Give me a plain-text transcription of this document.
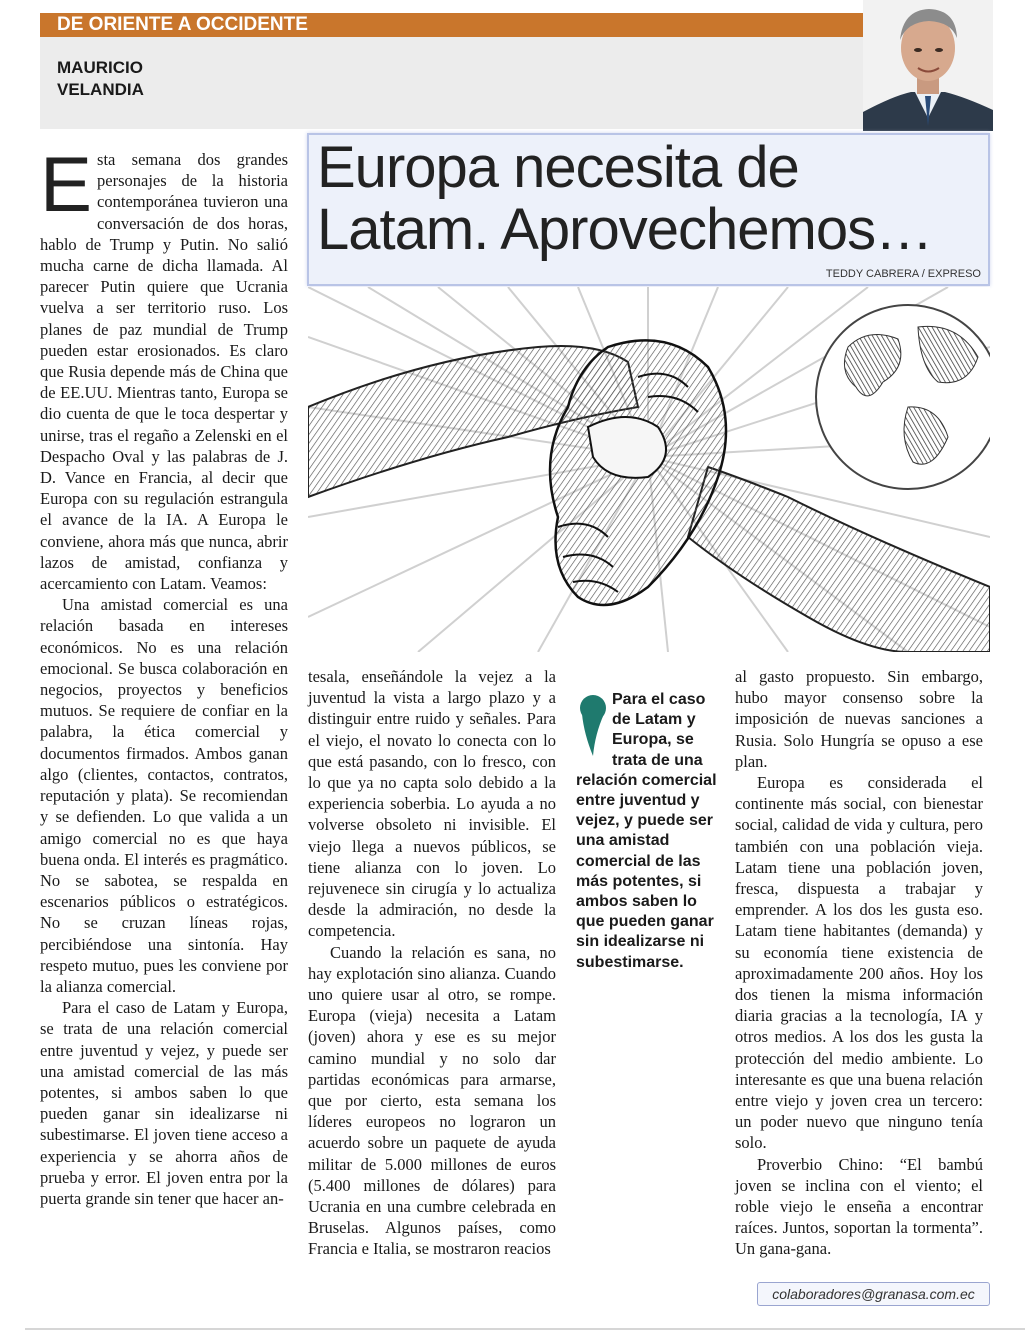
DE ORIENTE A OCCIDENTE

MAURICIO
VELANDIA

Europa necesita de
Latam. Aprovechemos…
TEDDY CABRERA / EXPRESO

Esta semana dos grandes personajes de la historia contemporánea tuvieron una conversación de dos horas, hablo de Trump y Putin. No salió mucha carne de dicha llamada. Al parecer Putin quiere que Ucrania vuelva a ser territorio ruso. Los planes de paz mundial de Trump pueden estar erosionados. Es claro que Rusia depende más de China que de EE.UU. Mientras tanto, Europa se dio cuenta de que le toca despertar y unirse, tras el regaño a Zelenski en el Despacho Oval y las palabras de J. D. Vance en Francia, al decir que Europa con su regulación estrangula el avance de la IA. A Europa le conviene, ahora más que nunca, abrir lazos de amistad, confianza y acercamiento con Latam. Veamos:

Una amistad comercial es una relación basada en intereses económicos. No es una relación emocional. Se busca colaboración en negocios, proyectos y beneficios mutuos. Se requiere de confiar en la palabra, la ética comercial y documentos firmados. Ambos ganan algo (clientes, contactos, contratos, reputación y plata). Se recomiendan y se defienden. Lo que valida a un amigo comercial no es que haya buena onda. El interés es pragmático. No se sabotea, se respalda en escenarios públicos o estratégicos. No se cruzan líneas rojas, percibiéndose una sintonía. Hay respeto mutuo, pues les conviene por la alianza comercial.

Para el caso de Latam y Europa, se trata de una relación comercial entre juventud y vejez, y puede ser una amistad comercial de las más potentes, si ambos saben lo que pueden ganar sin idealizarse ni subestimarse. El joven tiene acceso a experiencia y se ahorra años de prueba y error. El joven entra por la puerta grande sin tener que hacer an-

tesala, enseñándole la vejez a la juventud la vista a largo plazo y a distinguir entre ruido y señales. Para el viejo, el novato lo conecta con lo que está pasando, con lo fresco, con lo que ya no capta solo debido a la experiencia soberbia. Lo ayuda a no volverse obsoleto ni invisible. El viejo llega a nuevos públicos, se tiene alianza con lo joven. Lo rejuvenece sin cirugía y lo actualiza desde la admiración, no desde la competencia.

Cuando la relación es sana, no hay explotación sino alianza. Cuando uno quiere usar al otro, se rompe. Europa (vieja) necesita a Latam (joven) ahora y ese es su mejor camino mundial y no solo dar partidas económicas para armarse, que por cierto, esta semana los líderes europeos no lograron un acuerdo sobre un paquete de ayuda militar de 5.000 millones de euros (5.400 millones de dólares) para Ucrania en una cumbre celebrada en Bruselas. Algunos países, como Francia e Italia, se mostraron reacios

Para el caso de Latam y Europa, se trata de una relación comercial entre juventud y vejez, y puede ser una amistad comercial de las más potentes, si ambos saben lo que pueden ganar sin idealizarse ni subestimarse.

al gasto propuesto. Sin embargo, hubo mayor consenso sobre la imposición de nuevas sanciones a Rusia. Solo Hungría se opuso a ese plan.

Europa es considerada el continente más social, con bienestar social, calidad de vida y cultura, pero también con una población vieja. Latam tiene una población joven, fresca, dispuesta a trabajar y emprender. A los dos les gusta eso. Latam tiene habitantes (demanda) y su economía tiene existencia de aproximadamente 200 años. Hoy los dos tienen la misma información diaria gracias a la tecnología, IA y otros medios. A los dos les gusta la protección del medio ambiente. Lo interesante es que una buena relación entre viejo y joven crea un tercero: un poder nuevo que ninguno tenía solo.

Proverbio Chino: “El bambú joven se inclina con el viento; el roble viejo le enseña a encontrar raíces. Juntos, soportan la tormenta”. Un gana-gana.

colaboradores@granasa.com.ec
